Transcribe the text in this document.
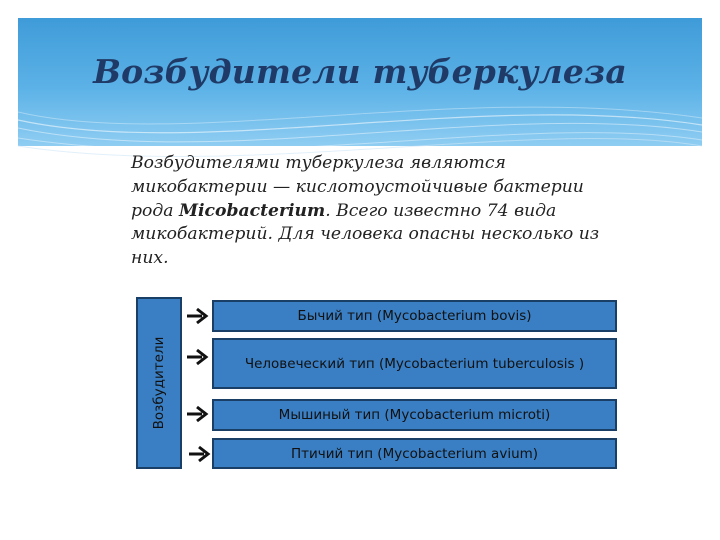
Возбудители туберкулеза
Возбудителями туберкулеза являются микобактерии — кислотоустойчивые бактерии рода Micobacterium. Всего известно 74 вида микобактерий. Для человека опасны несколько из них.
Возбудители
Бычий тип (Mycobacterium bovis)
Человеческий тип (Mycobacterium tuberculosis )
Мышиный тип (Mycobacterium microti)
Птичий тип (Mycobacterium avium)
